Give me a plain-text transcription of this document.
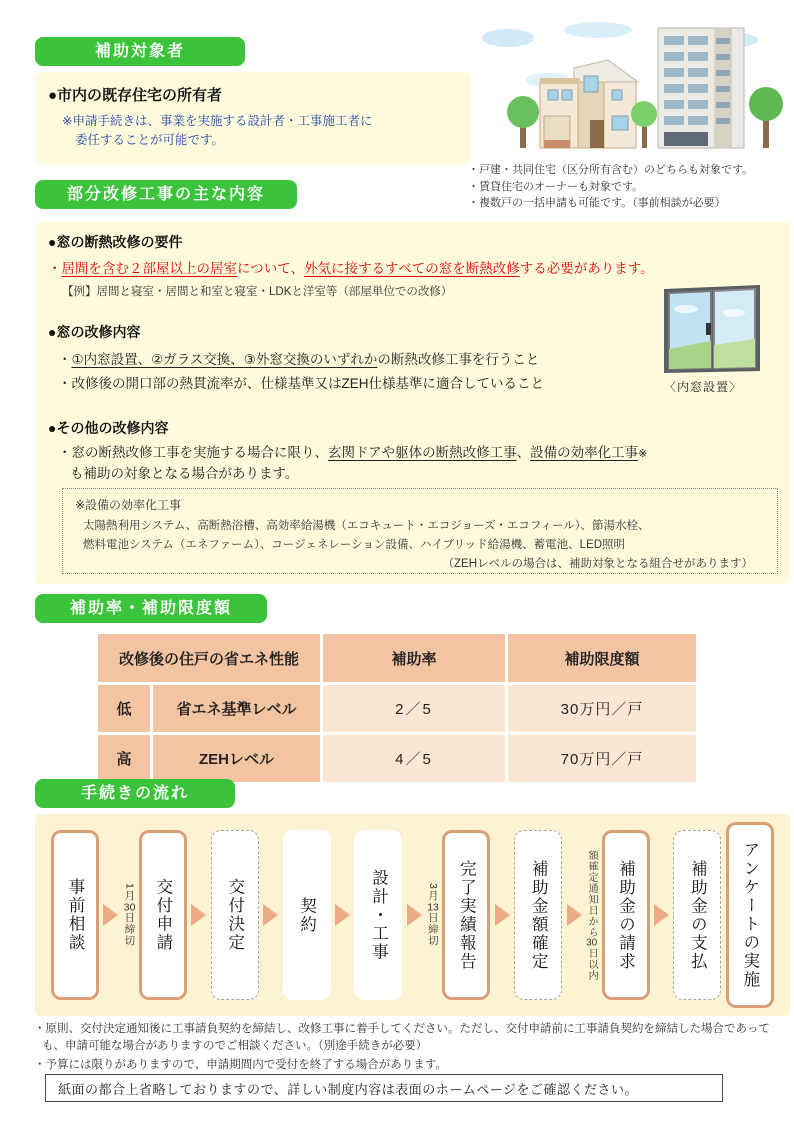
補助対象者
●市内の既存住宅の所有者
※申請手続きは、事業を実施する設計者・工事施工者に
委任することが可能です。
・戸建・共同住宅（区分所有含む）のどちらも対象です。
・賃貸住宅のオーナーも対象です。
・複数戸の一括申請も可能です。（事前相談が必要）
部分改修工事の主な内容
●窓の断熱改修の要件
・居間を含む２部屋以上の居室について、外気に接するすべての窓を断熱改修する必要があります。
【例】居間と寝室・居間と和室と寝室・LDKと洋室等（部屋単位での改修）
●窓の改修内容
・①内窓設置、②ガラス交換、③外窓交換のいずれかの断熱改修工事を行うこと
・改修後の開口部の熱貫流率が、仕様基準又はZEH仕様基準に適合していること	〈内窓設置〉
●その他の改修内容
・窓の断熱改修工事を実施する場合に限り、玄関ドアや躯体の断熱改修工事、設備の効率化工事※
も補助の対象となる場合があります。
※設備の効率化工事
太陽熱利用システム、高断熱浴槽、高効率給湯機（エコキュート・エコジョーズ・エコフィール）、節湯水栓、
燃料電池システム（エネファーム）、コージェネレーション設備、ハイブリッド給湯機、蓄電池、LED照明
（ZEHレベルの場合は、補助対象となる組合せがあります）
補助率・補助限度額
改修後の住戸の省エネ性能		補助率	補助限度額
低	省エネ基準レベル	2／5	30万円／戸
高	ZEHレベル	4／5	70万円／戸
手続きの流れ
事前相談	1月30日締切 交付申請	交付決定	契約	設計・工事	3月13日締切 完了実績報告	補助金額確定	額確定通知日から30日以内 補助金の請求	補助金の支払 アンケートの実施
・原則、交付決定通知後に工事請負契約を締結し、改修工事に着手してください。ただし、交付申請前に工事請負契約を締結した場合であっても、申請可能な場合がありますのでご相談ください。（別途手続きが必要）
・予算には限りがありますので、申請期間内で受付を終了する場合があります。
紙面の都合上省略しておりますので、詳しい制度内容は表面のホームページをご確認ください。
